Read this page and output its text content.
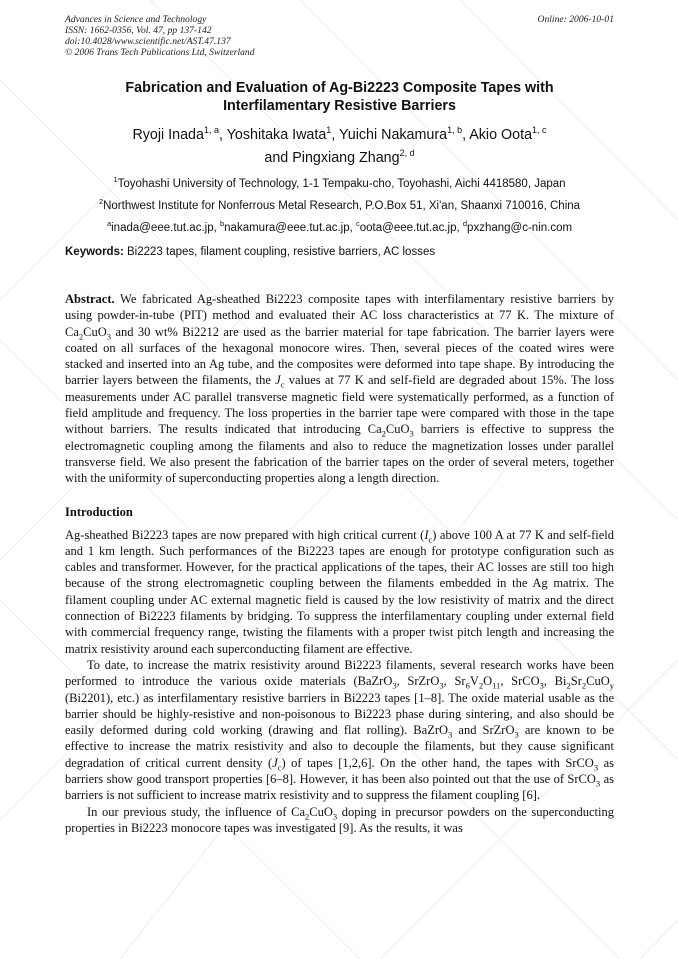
Advances in Science and Technology
ISSN: 1662-0356, Vol. 47, pp 137-142
doi:10.4028/www.scientific.net/AST.47.137
© 2006 Trans Tech Publications Ltd, Switzerland
Online: 2006-10-01
Fabrication and Evaluation of Ag-Bi2223 Composite Tapes with
Interfilamentary Resistive Barriers
Ryoji Inada$^{1, a}$, Yoshitaka Iwata$^1$, Yuichi Nakamura$^{1, b}$, Akio Oota$^{1, c}$
and Pingxiang Zhang$^{2, d}$
$^1$Toyohashi University of Technology, 1-1 Tempaku-cho, Toyohashi, Aichi 4418580, Japan
$^2$Northwest Institute for Nonferrous Metal Research, P.O.Box 51, Xi'an, Shaanxi 710016, China
$^a$inada@eee.tut.ac.jp, $^b$nakamura@eee.tut.ac.jp, $^c$oota@eee.tut.ac.jp, $^d$pxzhang@c-nin.com
Keywords: Bi2223 tapes, filament coupling, resistive barriers, AC losses

Abstract. We fabricated Ag-sheathed Bi2223 composite tapes with interfilamentary resistive barriers by using powder-in-tube (PIT) method and evaluated their AC loss characteristics at 77 K. The mixture of $Ca_2CuO_3$ and 30 wt% Bi2212 are used as the barrier material for tape fabrication. The barrier layers were coated on all surfaces of the hexagonal monocore wires. Then, several pieces of the coated wires were stacked and inserted into an Ag tube, and the composites were deformed into tape shape. By introducing the barrier layers between the filaments, the $J_c$ values at 77 K and self-field are degraded about 15%. The loss measurements under AC parallel transverse magnetic field were systematically performed, as a function of field amplitude and frequency. The loss properties in the barrier tape were compared with those in the tape without barriers. The results indicated that introducing $Ca_2CuO_3$ barriers is effective to suppress the electromagnetic coupling among the filaments and also to reduce the magnetization losses under parallel transverse field. We also present the fabrication of the barrier tapes on the order of several meters, together with the uniformity of superconducting properties along a length direction.

Introduction

Ag-sheathed Bi2223 tapes are now prepared with high critical current $(I_c)$ above 100 A at 77 K and self-field and 1 km length. Such performances of the Bi2223 tapes are enough for prototype configuration such as cables and transformer. However, for the practical applications of the tapes, their AC losses are still too high because of the strong electromagnetic coupling between the filaments embedded in the Ag matrix. The filament coupling under AC external magnetic field is caused by the low resistivity of matrix and the direct connection of Bi2223 filaments by bridging. To suppress the interfilamentary coupling under external field with commercial frequency range, twisting the filaments with a proper twist pitch length and increasing the matrix resistivity around each superconducting filament are effective.

To date, to increase the matrix resistivity around Bi2223 filaments, several research works have been performed to introduce the various oxide materials (BaZrO$_3$, SrZrO$_3$, $Sr_6V_2O_{11}$, SrCO$_3$, $Bi_2Sr_2CuO_y$ (Bi2201), etc.) as interfilamentary resistive barriers in Bi2223 tapes [1–8]. The oxide material usable as the barrier should be highly-resistive and non-poisonous to Bi2223 phase during sintering, and also should be easily deformed during cold working (drawing and flat rolling). BaZrO$_3$ and SrZrO$_3$ are known to be effective to increase the matrix resistivity and also to decouple the filaments, but they cause significant degradation of critical current density $(J_c)$ of tapes [1,2,6]. On the other hand, the tapes with SrCO$_3$ as barriers show good transport properties [6–8]. However, it has been also pointed out that the use of SrCO$_3$ as barriers is not sufficient to increase matrix resistivity and to suppress the filament coupling [6].

In our previous study, the influence of $Ca_2CuO_3$ doping in precursor powders on the superconducting properties in Bi2223 monocore tapes was investigated [9]. As the results, it was
